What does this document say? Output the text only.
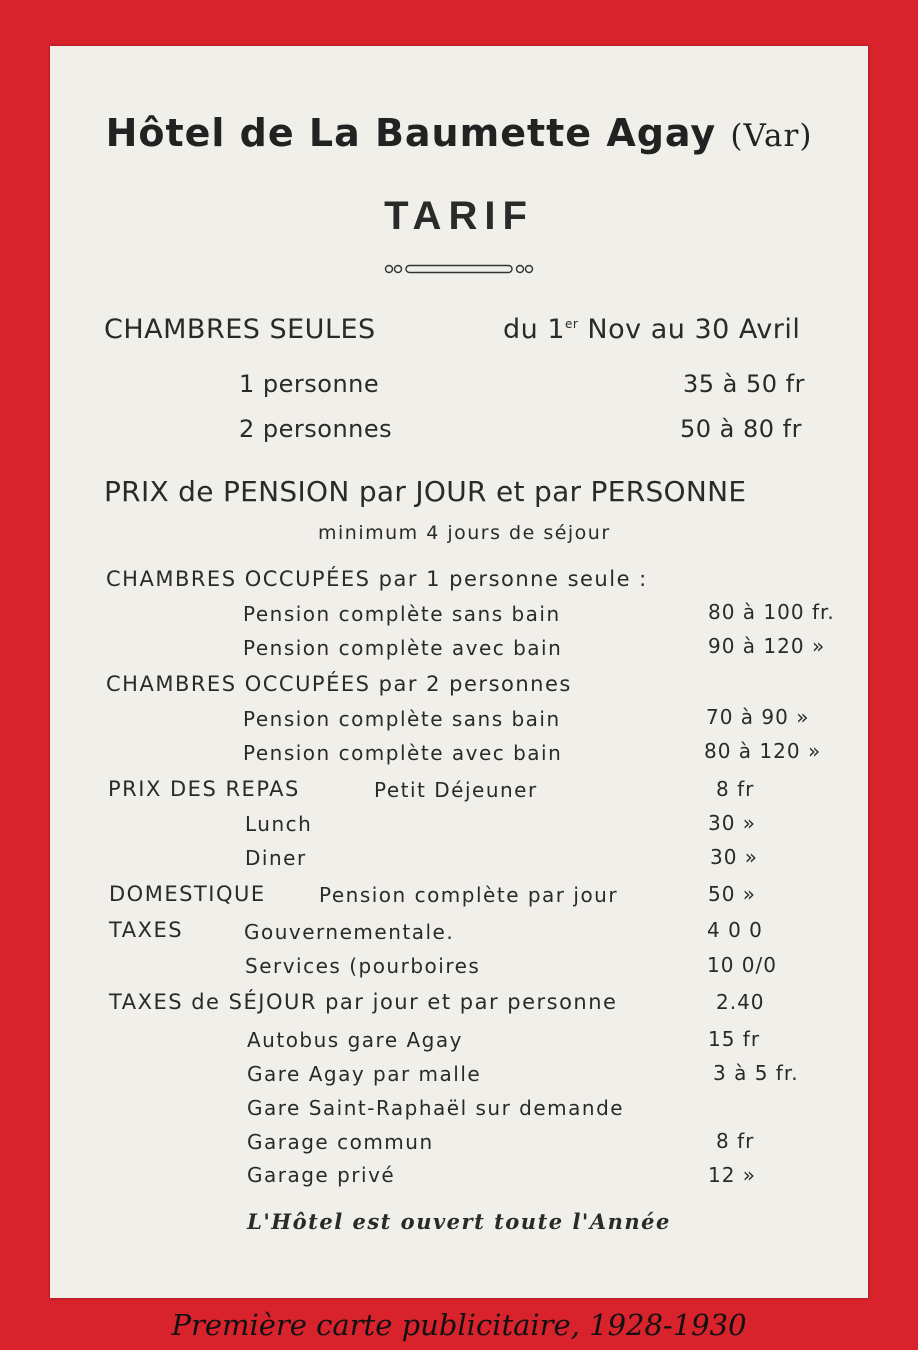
Hôtel de La Baumette Agay (Var)
TARIF
CHAMBRES SEULES	du 1er Nov au 30 Avril
1 personne	35 à 50 fr
2 personnes	50 à 80 fr
PRIX de PENSION par JOUR et par PERSONNE
minimum 4 jours de séjour
CHAMBRES OCCUPÉES par 1 personne seule :
Pension complète sans bain	80 à 100 fr.
Pension complète avec bain	90 à 120 »
CHAMBRES OCCUPÉES par 2 personnes
Pension complète sans bain	70 à 90 »
Pension complète avec bain	80 à 120 »
PRIX DES REPAS	Petit Déjeuner	8 fr
Lunch	30 »
Diner	30 »
DOMESTIQUE	Pension complète par jour	50 »
TAXES	Gouvernementale.	4 0 0
Services (pourboires	10 0/0
TAXES de SÉJOUR par jour et par personne	2.40
Autobus gare Agay	15 fr
Gare Agay par malle	3 à 5 fr.
Gare Saint-Raphaël sur demande
Garage commun	8 fr
Garage privé	12 »
L'Hôtel est ouvert toute l'Année
Première carte publicitaire, 1928-1930
